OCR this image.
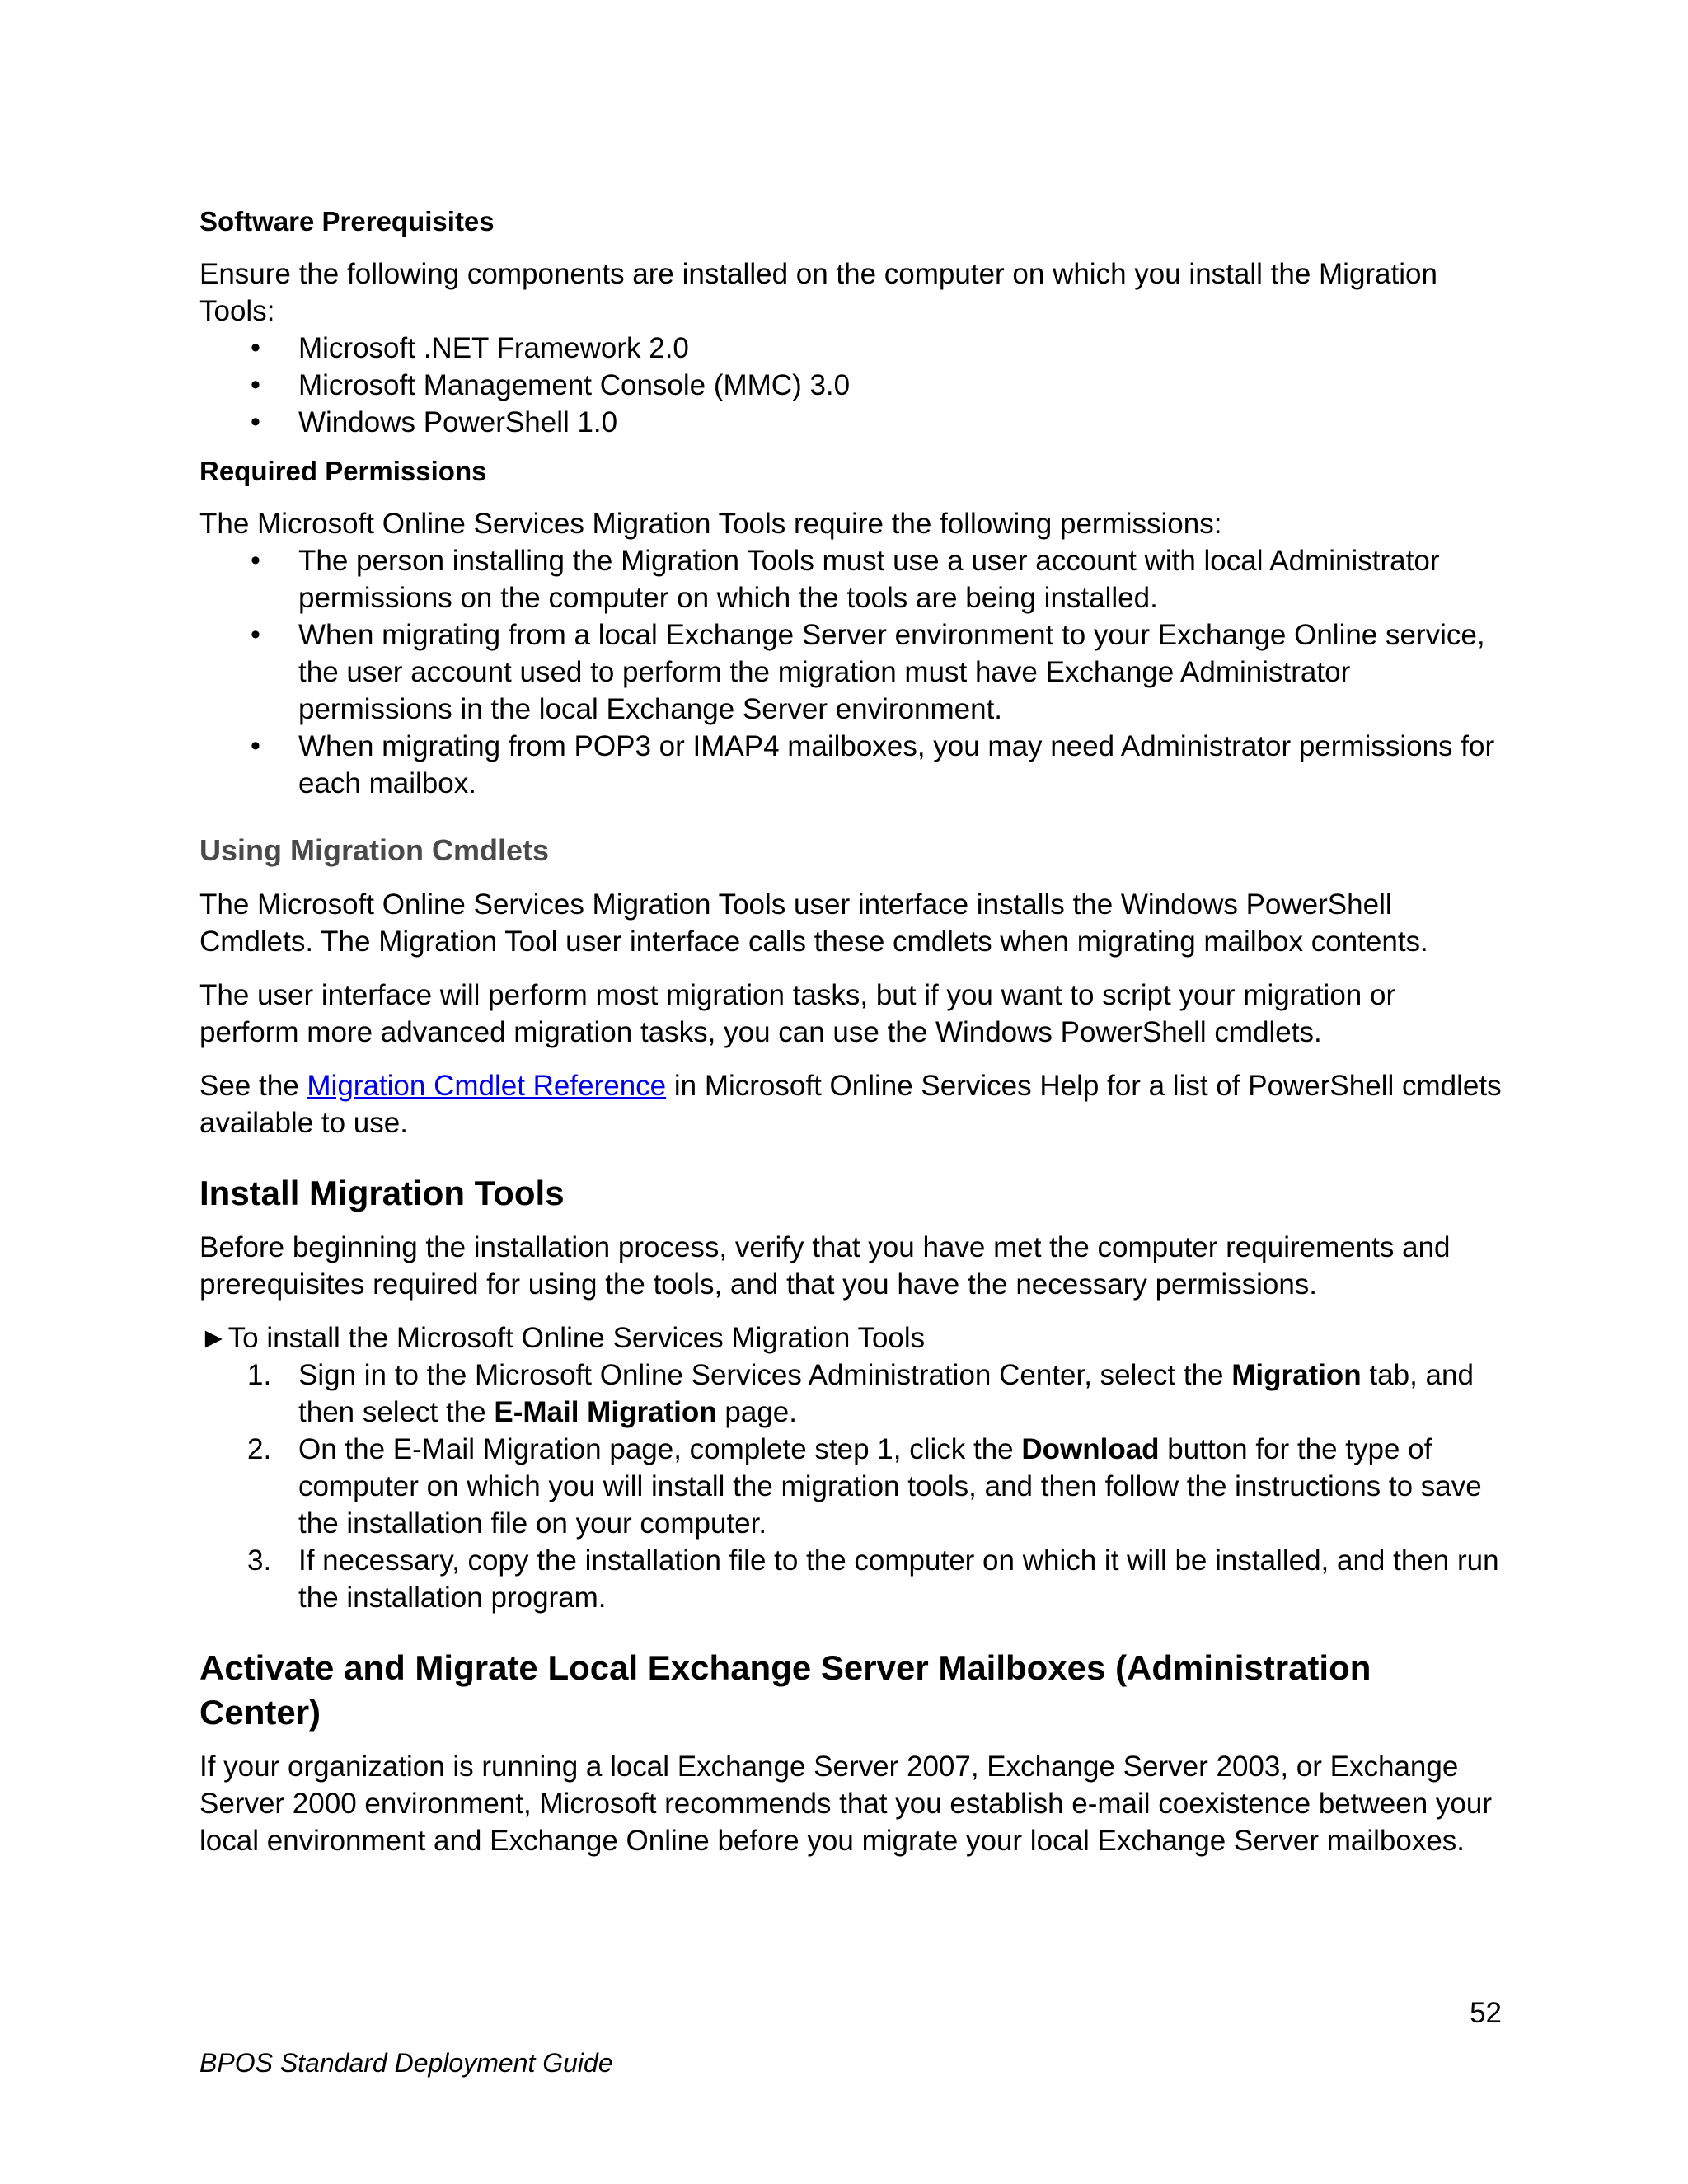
Software Prerequisites

Ensure the following components are installed on the computer on which you install the Migration Tools:

• Microsoft .NET Framework 2.0
• Microsoft Management Console (MMC) 3.0
• Windows PowerShell 1.0

Required Permissions

The Microsoft Online Services Migration Tools require the following permissions:

• The person installing the Migration Tools must use a user account with local Administrator permissions on the computer on which the tools are being installed.
• When migrating from a local Exchange Server environment to your Exchange Online service, the user account used to perform the migration must have Exchange Administrator permissions in the local Exchange Server environment.
• When migrating from POP3 or IMAP4 mailboxes, you may need Administrator permissions for each mailbox.

Using Migration Cmdlets

The Microsoft Online Services Migration Tools user interface installs the Windows PowerShell Cmdlets. The Migration Tool user interface calls these cmdlets when migrating mailbox contents.

The user interface will perform most migration tasks, but if you want to script your migration or perform more advanced migration tasks, you can use the Windows PowerShell cmdlets.

See the Migration Cmdlet Reference in Microsoft Online Services Help for a list of PowerShell cmdlets available to use.

Install Migration Tools

Before beginning the installation process, verify that you have met the computer requirements and prerequisites required for using the tools, and that you have the necessary permissions.

►To install the Microsoft Online Services Migration Tools

1. Sign in to the Microsoft Online Services Administration Center, select the Migration tab, and then select the E-Mail Migration page.
2. On the E-Mail Migration page, complete step 1, click the Download button for the type of computer on which you will install the migration tools, and then follow the instructions to save the installation file on your computer.
3. If necessary, copy the installation file to the computer on which it will be installed, and then run the installation program.

Activate and Migrate Local Exchange Server Mailboxes (Administration Center)

If your organization is running a local Exchange Server 2007, Exchange Server 2003, or Exchange Server 2000 environment, Microsoft recommends that you establish e-mail coexistence between your local environment and Exchange Online before you migrate your local Exchange Server mailboxes.

52
BPOS Standard Deployment Guide
